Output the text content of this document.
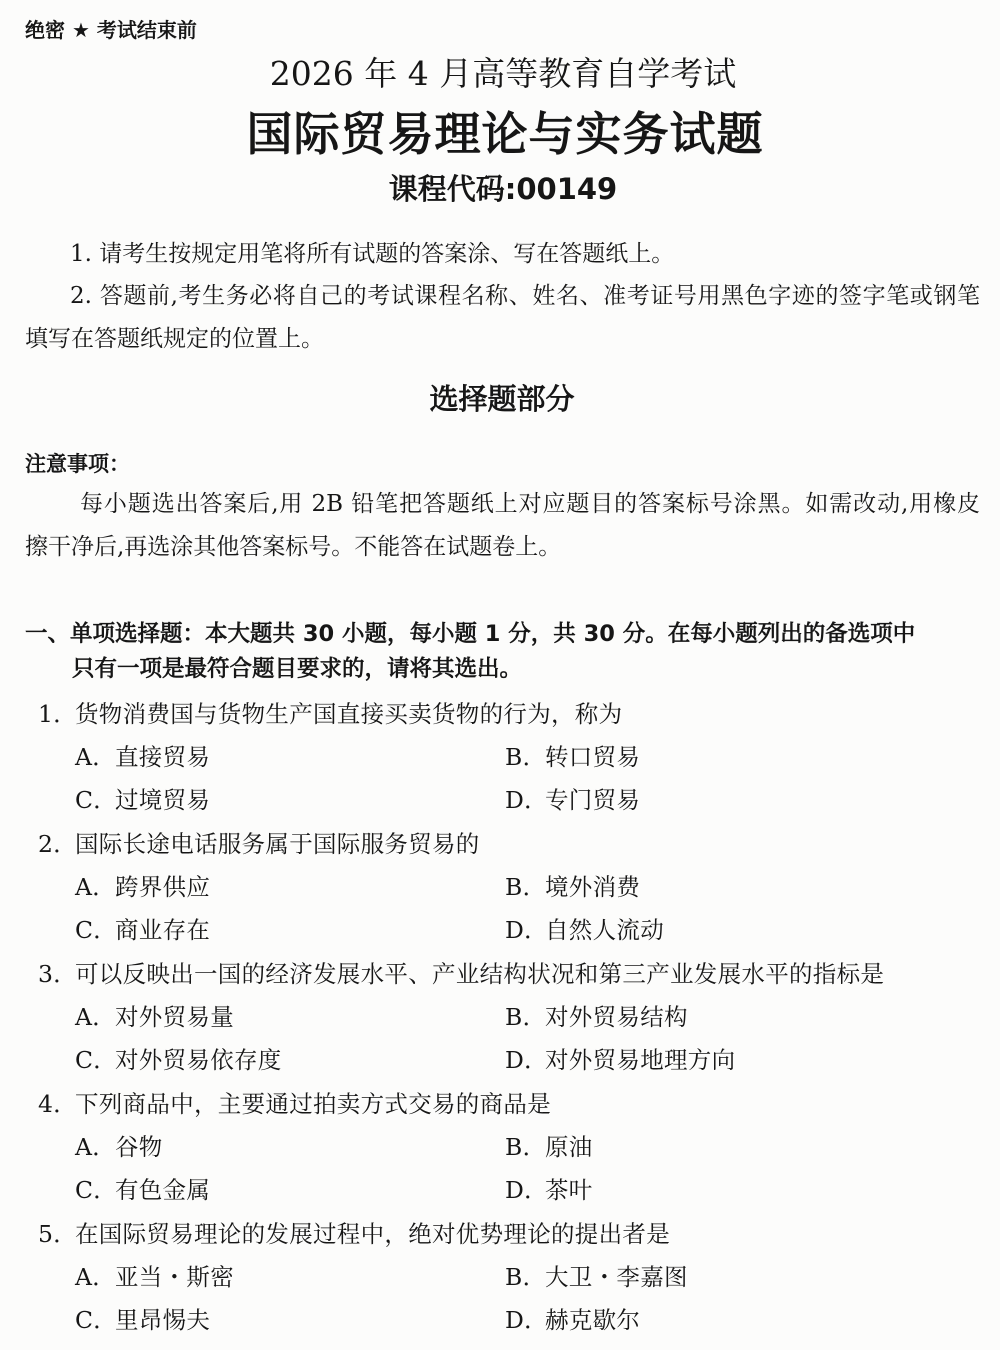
绝密 ★ 考试结束前
2026 年 4 月高等教育自学考试
国际贸易理论与实务试题
课程代码:00149
1. 请考生按规定用笔将所有试题的答案涂、写在答题纸上。
2. 答题前,考生务必将自己的考试课程名称、姓名、准考证号用黑色字迹的签字笔或钢笔
填写在答题纸规定的位置上。
选择题部分
注意事项：
每小题选出答案后,用 2B 铅笔把答题纸上对应题目的答案标号涂黑。如需改动,用橡皮
擦干净后,再选涂其他答案标号。不能答在试题卷上。
一、单项选择题：本大题共 30 小题，每小题 1 分，共 30 分。在每小题列出的备选项中
只有一项是最符合题目要求的，请将其选出。
1．
货物消费国与货物生产国直接买卖货物的行为，称为
A．直接贸易	B．转口贸易
C．过境贸易	D．专门贸易
2．
国际长途电话服务属于国际服务贸易的
A．跨界供应	B．境外消费
C．商业存在	D．自然人流动
3．
可以反映出一国的经济发展水平、产业结构状况和第三产业发展水平的指标是
A．对外贸易量	B．对外贸易结构
C．对外贸易依存度	D．对外贸易地理方向
4．
下列商品中，主要通过拍卖方式交易的商品是
A．谷物	B．原油
C．有色金属	D．茶叶
5．
在国际贸易理论的发展过程中，绝对优势理论的提出者是
A．亚当・斯密	B．大卫・李嘉图
C．里昂惕夫	D．赫克歇尔
